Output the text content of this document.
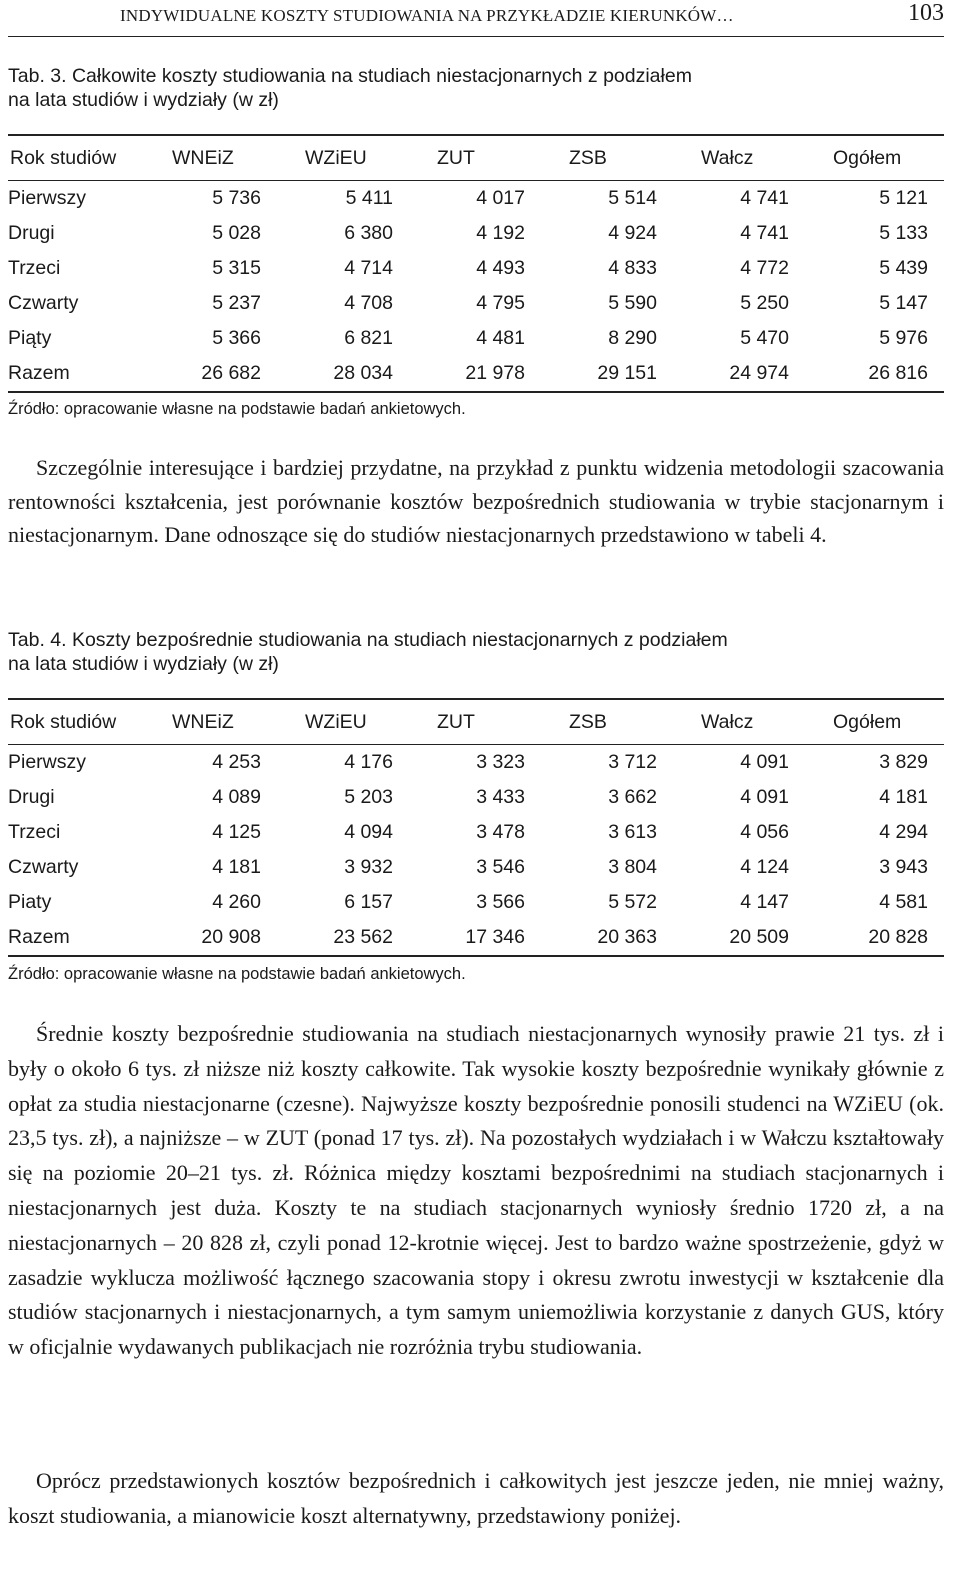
INDYWIDUALNE KOSZTY STUDIOWANIA NA PRZYKŁADZIE KIERUNKÓW…	103
Tab. 3. Całkowite koszty studiowania na studiach niestacjonarnych z podziałem
na lata studiów i wydziały (w zł)
Rok studiów	WNEiZ	WZiEU	ZUT	ZSB	Wałcz	Ogółem
Pierwszy	5 736	5 411	4 017	5 514	4 741	5 121
Drugi	5 028	6 380	4 192	4 924	4 741	5 133
Trzeci	5 315	4 714	4 493	4 833	4 772	5 439
Czwarty	5 237	4 708	4 795	5 590	5 250	5 147
Piąty	5 366	6 821	4 481	8 290	5 470	5 976
Razem	26 682	28 034	21 978	29 151	24 974	26 816
Źródło: opracowanie własne na podstawie badań ankietowych.

Szczególnie interesujące i bardziej przydatne, na przykład z punktu widzenia metodologii szacowania rentowności kształcenia, jest porównanie kosztów bezpośrednich studiowania w trybie stacjonarnym i niestacjonarnym. Dane odnoszące się do studiów niestacjonarnych przedstawiono w tabeli 4.

Tab. 4. Koszty bezpośrednie studiowania na studiach niestacjonarnych z podziałem
na lata studiów i wydziały (w zł)
Rok studiów	WNEiZ	WZiEU	ZUT	ZSB	Wałcz	Ogółem
Pierwszy	4 253	4 176	3 323	3 712	4 091	3 829
Drugi	4 089	5 203	3 433	3 662	4 091	4 181
Trzeci	4 125	4 094	3 478	3 613	4 056	4 294
Czwarty	4 181	3 932	3 546	3 804	4 124	3 943
Piaty	4 260	6 157	3 566	5 572	4 147	4 581
Razem	20 908	23 562	17 346	20 363	20 509	20 828
Źródło: opracowanie własne na podstawie badań ankietowych.

Średnie koszty bezpośrednie studiowania na studiach niestacjonarnych wynosiły prawie 21 tys. zł i były o około 6 tys. zł niższe niż koszty całkowite. Tak wysokie koszty bezpośrednie wynikały głównie z opłat za studia niestacjonarne (czesne). Najwyższe koszty bezpośrednie ponosili studenci na WZiEU (ok. 23,5 tys. zł), a najniższe – w ZUT (ponad 17 tys. zł). Na pozostałych wydziałach i w Wałczu kształtowały się na poziomie 20–21 tys. zł. Różnica między kosztami bezpośrednimi na studiach stacjonarnych i niestacjonarnych jest duża. Koszty te na studiach stacjonarnych wyniosły średnio 1720 zł, a na niestacjonarnych – 20 828 zł, czyli ponad 12-krotnie więcej. Jest to bardzo ważne spostrzeżenie, gdyż w zasadzie wyklucza możliwość łącznego szacowania stopy i okresu zwrotu inwestycji w kształcenie dla studiów stacjonarnych i niestacjonarnych, a tym samym uniemożliwia korzystanie z danych GUS, który w oficjalnie wydawanych publikacjach nie rozróżnia trybu studiowania.

Oprócz przedstawionych kosztów bezpośrednich i całkowitych jest jeszcze jeden, nie mniej ważny, koszt studiowania, a mianowicie koszt alternatywny, przedstawiony poniżej.
